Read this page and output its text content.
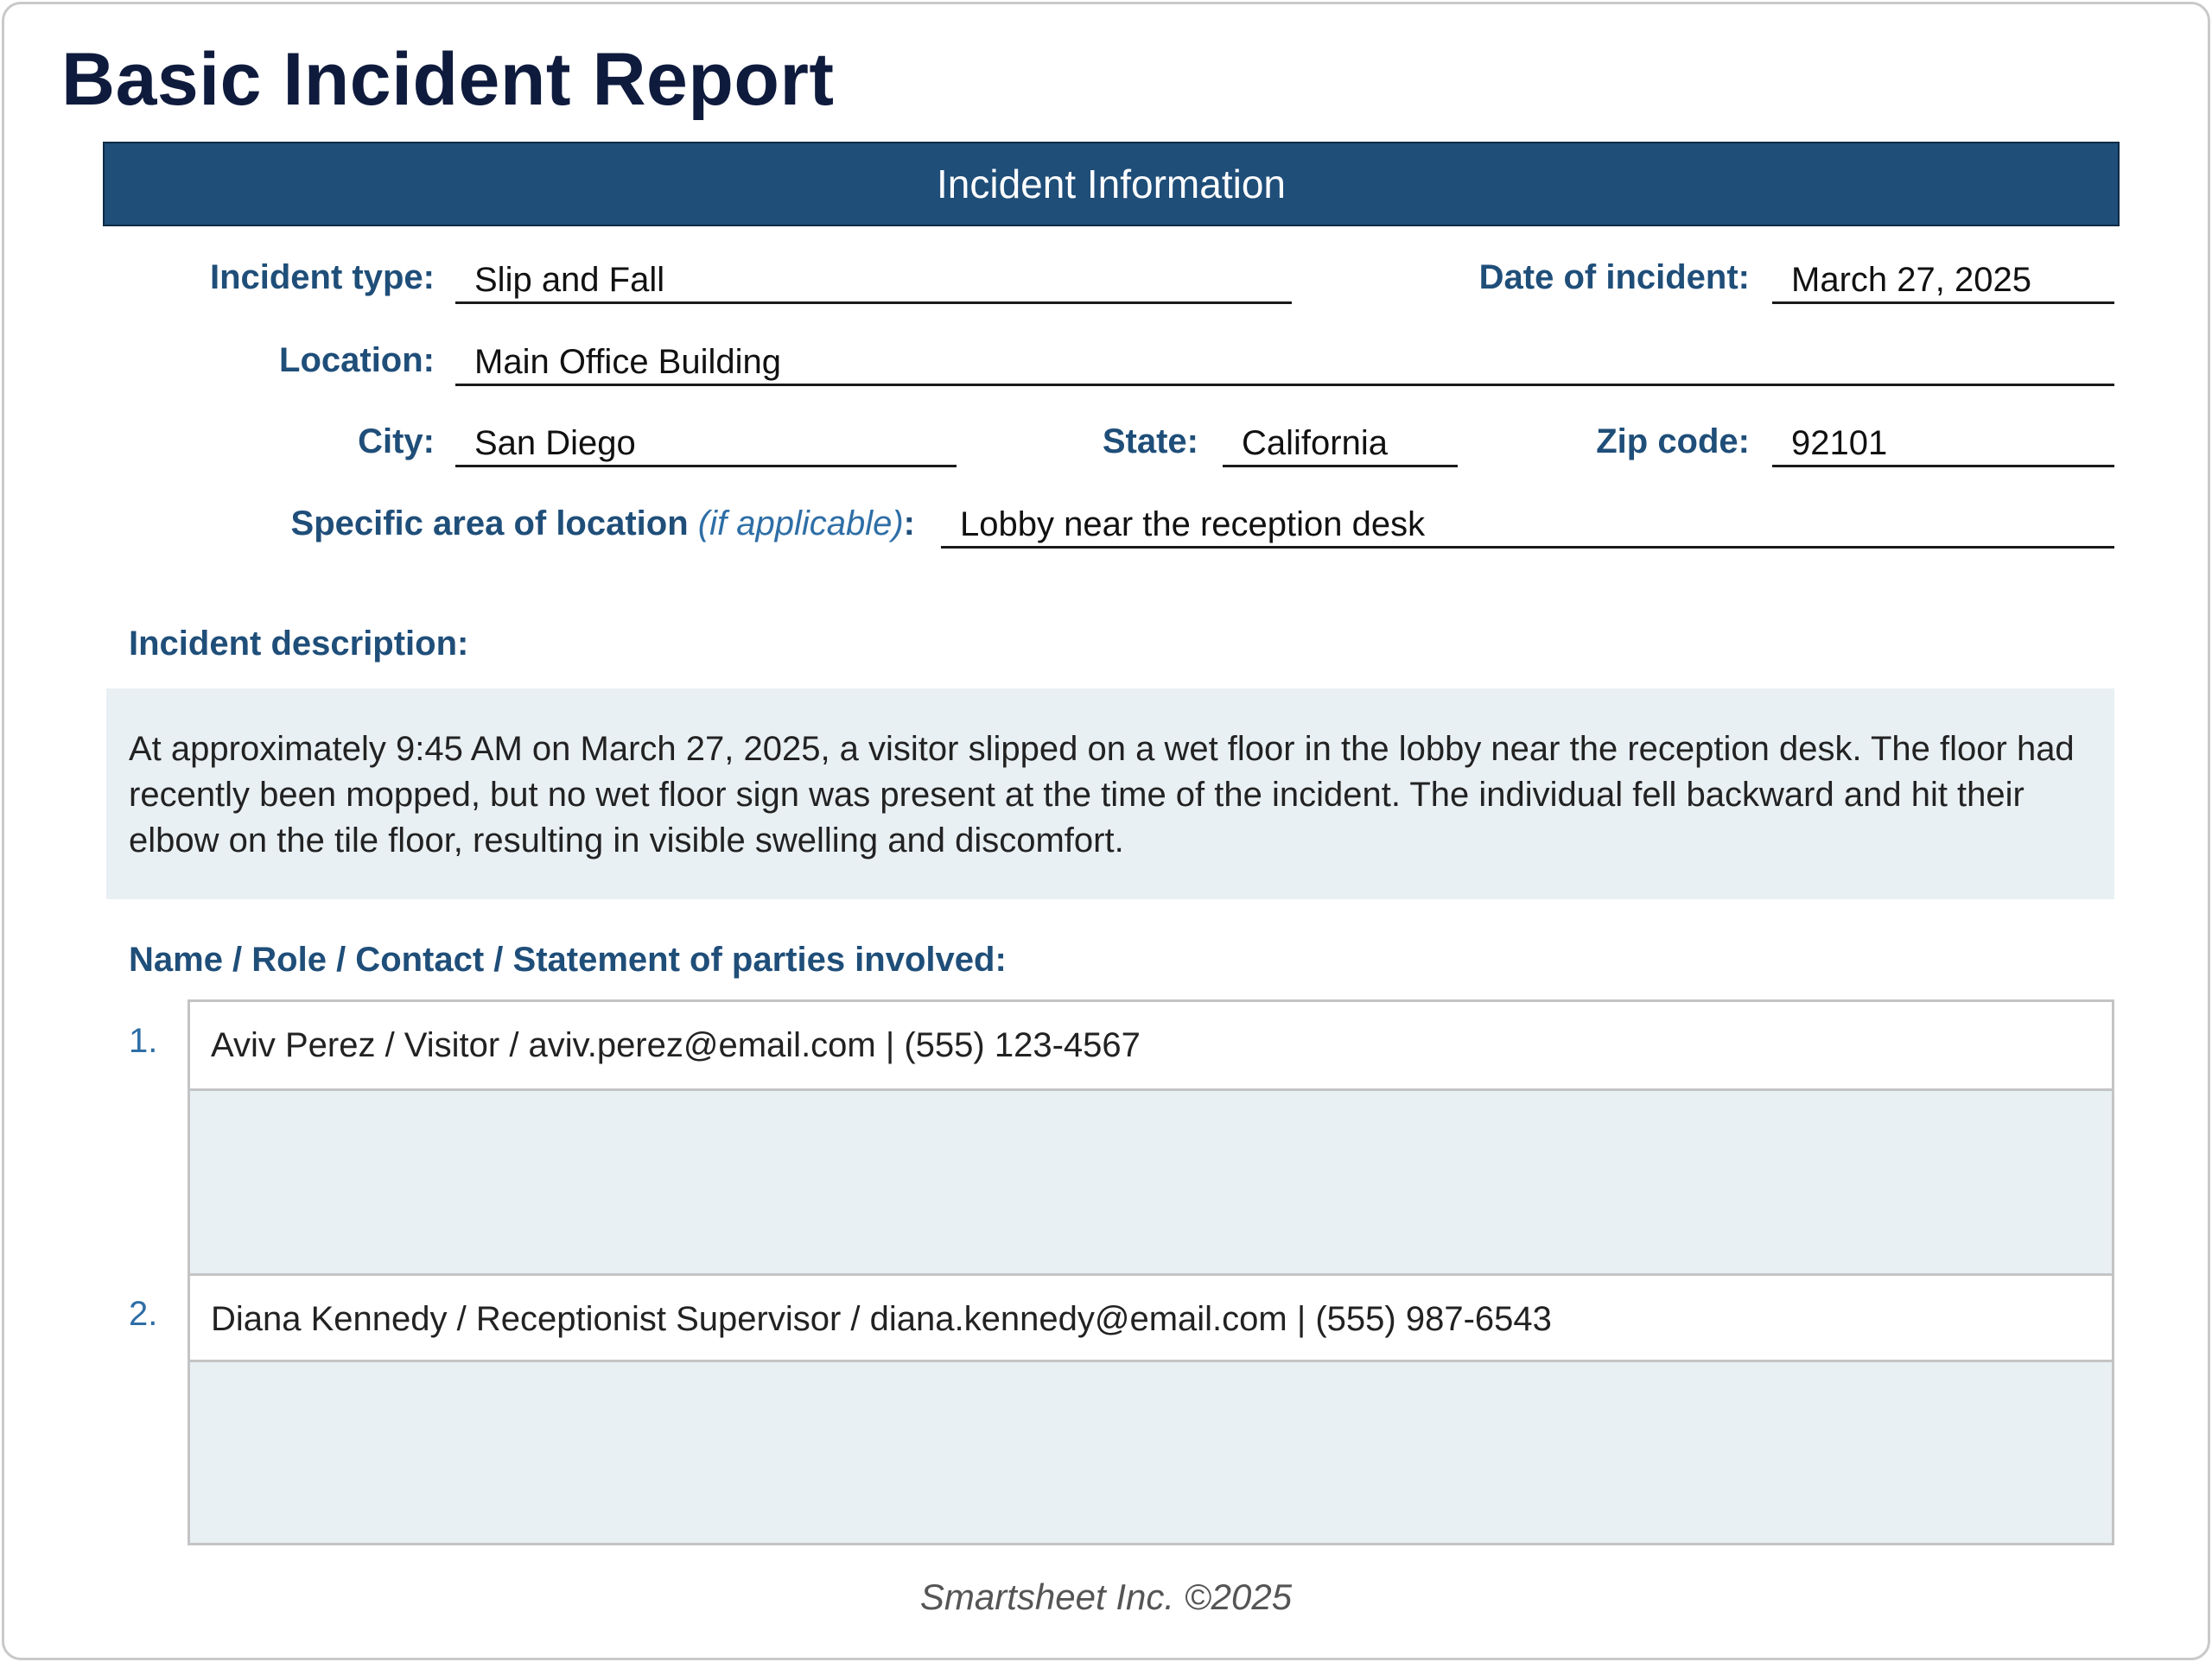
Basic Incident Report
Incident Information
Incident type:	Slip and Fall	Date of incident:	March 27, 2025
Location:	Main Office Building
City:	San Diego	State:	California	Zip code:	92101
Specific area of location (if applicable):	Lobby near the reception desk
Incident description:
At approximately 9:45 AM on March 27, 2025, a visitor slipped on a wet floor in the lobby near the reception desk. The floor had recently been mopped, but no wet floor sign was present at the time of the incident. The individual fell backward and hit their elbow on the tile floor, resulting in visible swelling and discomfort.
Name / Role / Contact / Statement of parties involved:
1.
2.
Aviv Perez / Visitor / aviv.perez@email.com | (555) 123-4567
Diana Kennedy / Receptionist Supervisor / diana.kennedy@email.com | (555) 987-6543
Smartsheet Inc. ©2025
